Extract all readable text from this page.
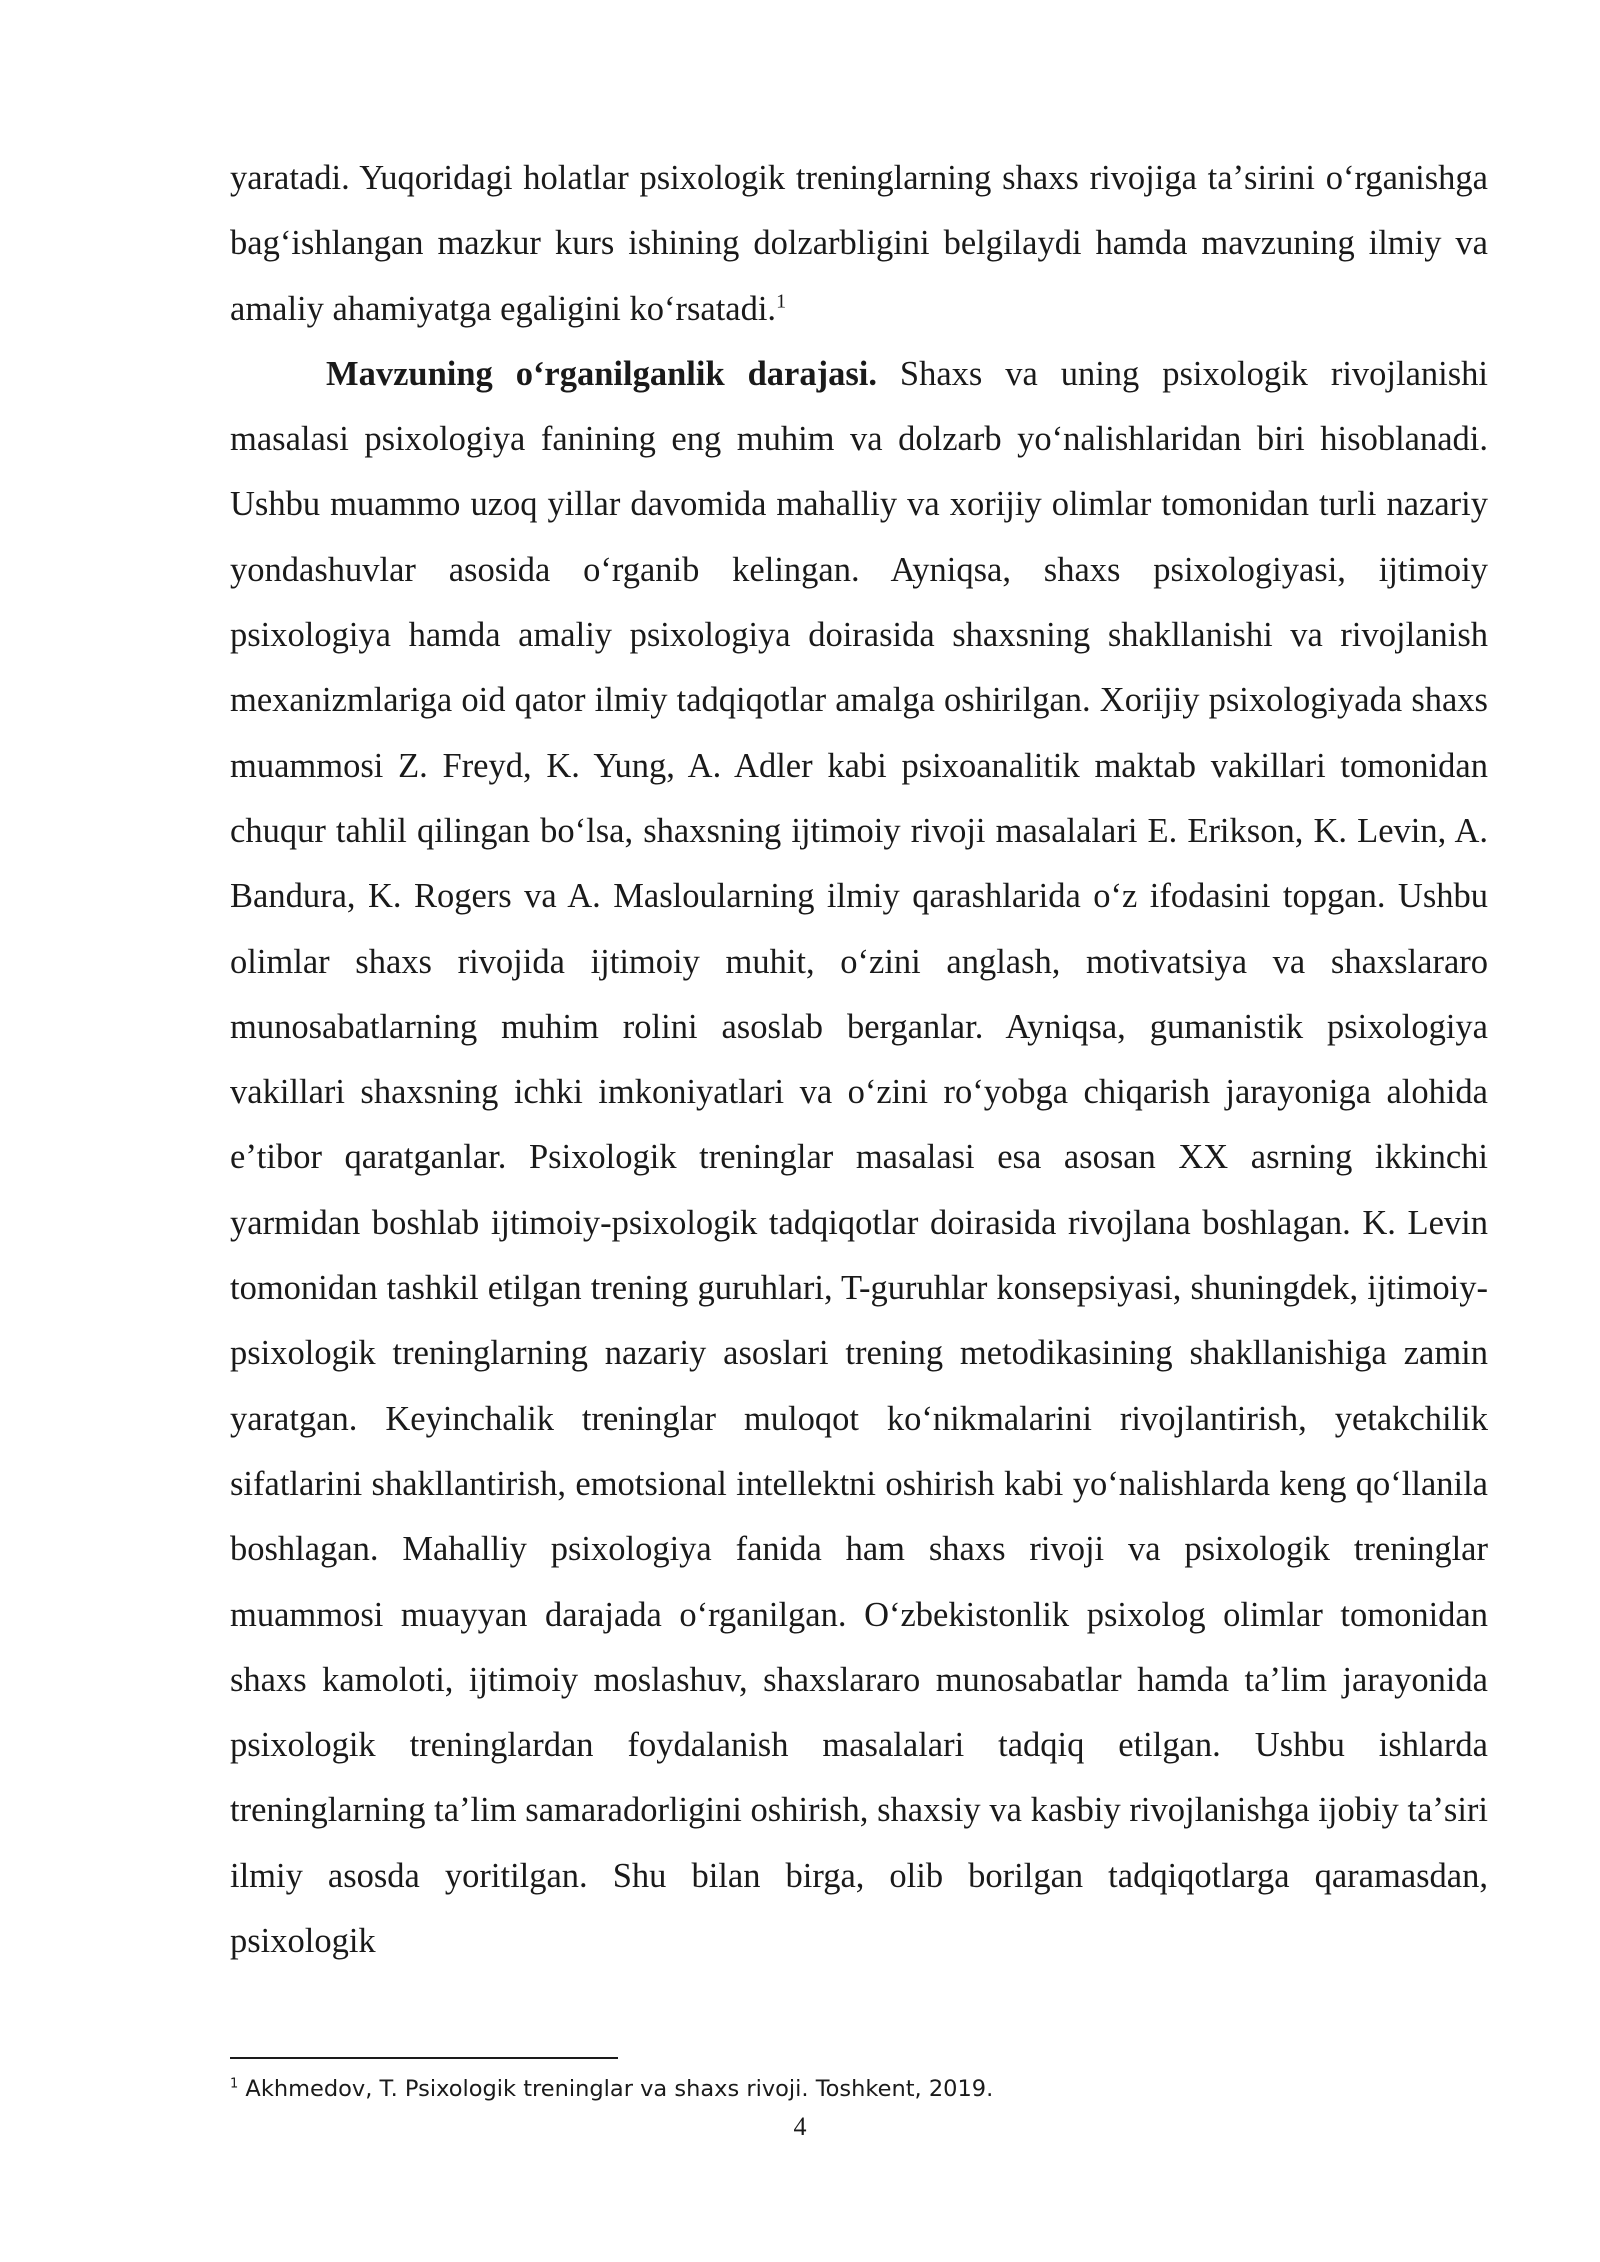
yaratadi. Yuqoridagi holatlar psixologik treninglarning shaxs rivojiga taʼsirini oʻrganishga bagʻishlangan mazkur kurs ishining dolzarbligini belgilaydi hamda mavzuning ilmiy va amaliy ahamiyatga egaligini koʻrsatadi.$^1$

Mavzuning oʻrganilganlik darajasi. Shaxs va uning psixologik rivojlanishi masalasi psixologiya fanining eng muhim va dolzarb yoʻnalishlaridan biri hisoblanadi. Ushbu muammo uzoq yillar davomida mahalliy va xorijiy olimlar tomonidan turli nazariy yondashuvlar asosida oʻrganib kelingan. Ayniqsa, shaxs psixologiyasi, ijtimoiy psixologiya hamda amaliy psixologiya doirasida shaxsning shakllanishi va rivojlanish mexanizmlariga oid qator ilmiy tadqiqotlar amalga oshirilgan. Xorijiy psixologiyada shaxs muammosi Z. Freyd, K. Yung, A. Adler kabi psixoanalitik maktab vakillari tomonidan chuqur tahlil qilingan boʻlsa, shaxsning ijtimoiy rivoji masalalari E. Erikson, K. Levin, A. Bandura, K. Rogers va A. Masloularning ilmiy qarashlarida oʻz ifodasini topgan. Ushbu olimlar shaxs rivojida ijtimoiy muhit, oʻzini anglash, motivatsiya va shaxslararo munosabatlarning muhim rolini asoslab berganlar. Ayniqsa, gumanistik psixologiya vakillari shaxsning ichki imkoniyatlari va oʻzini roʻyobga chiqarish jarayoniga alohida eʼtibor qaratganlar. Psixologik treninglar masalasi esa asosan XX asrning ikkinchi yarmidan boshlab ijtimoiy-psixologik tadqiqotlar doirasida rivojlana boshlagan. K. Levin tomonidan tashkil etilgan trening guruhlari, T-guruhlar konsepsiyasi, shuningdek, ijtimoiy-psixologik treninglarning nazariy asoslari trening metodikasining shakllanishiga zamin yaratgan. Keyinchalik treninglar muloqot koʻnikmalarini rivojlantirish, yetakchilik sifatlarini shakllantirish, emotsional intellektni oshirish kabi yoʻnalishlarda keng qoʻllanila boshlagan. Mahalliy psixologiya fanida ham shaxs rivoji va psixologik treninglar muammosi muayyan darajada oʻrganilgan. Oʻzbekistonlik psixolog olimlar tomonidan shaxs kamoloti, ijtimoiy moslashuv, shaxslararo munosabatlar hamda taʼlim jarayonida psixologik treninglardan foydalanish masalalari tadqiq etilgan. Ushbu ishlarda treninglarning taʼlim samaradorligini oshirish, shaxsiy va kasbiy rivojlanishga ijobiy taʼsiri ilmiy asosda yoritilgan. Shu bilan birga, olib borilgan tadqiqotlarga qaramasdan, psixologik

$^1$ Akhmedov, T. Psixologik treninglar va shaxs rivoji. Toshkent, 2019.
4
